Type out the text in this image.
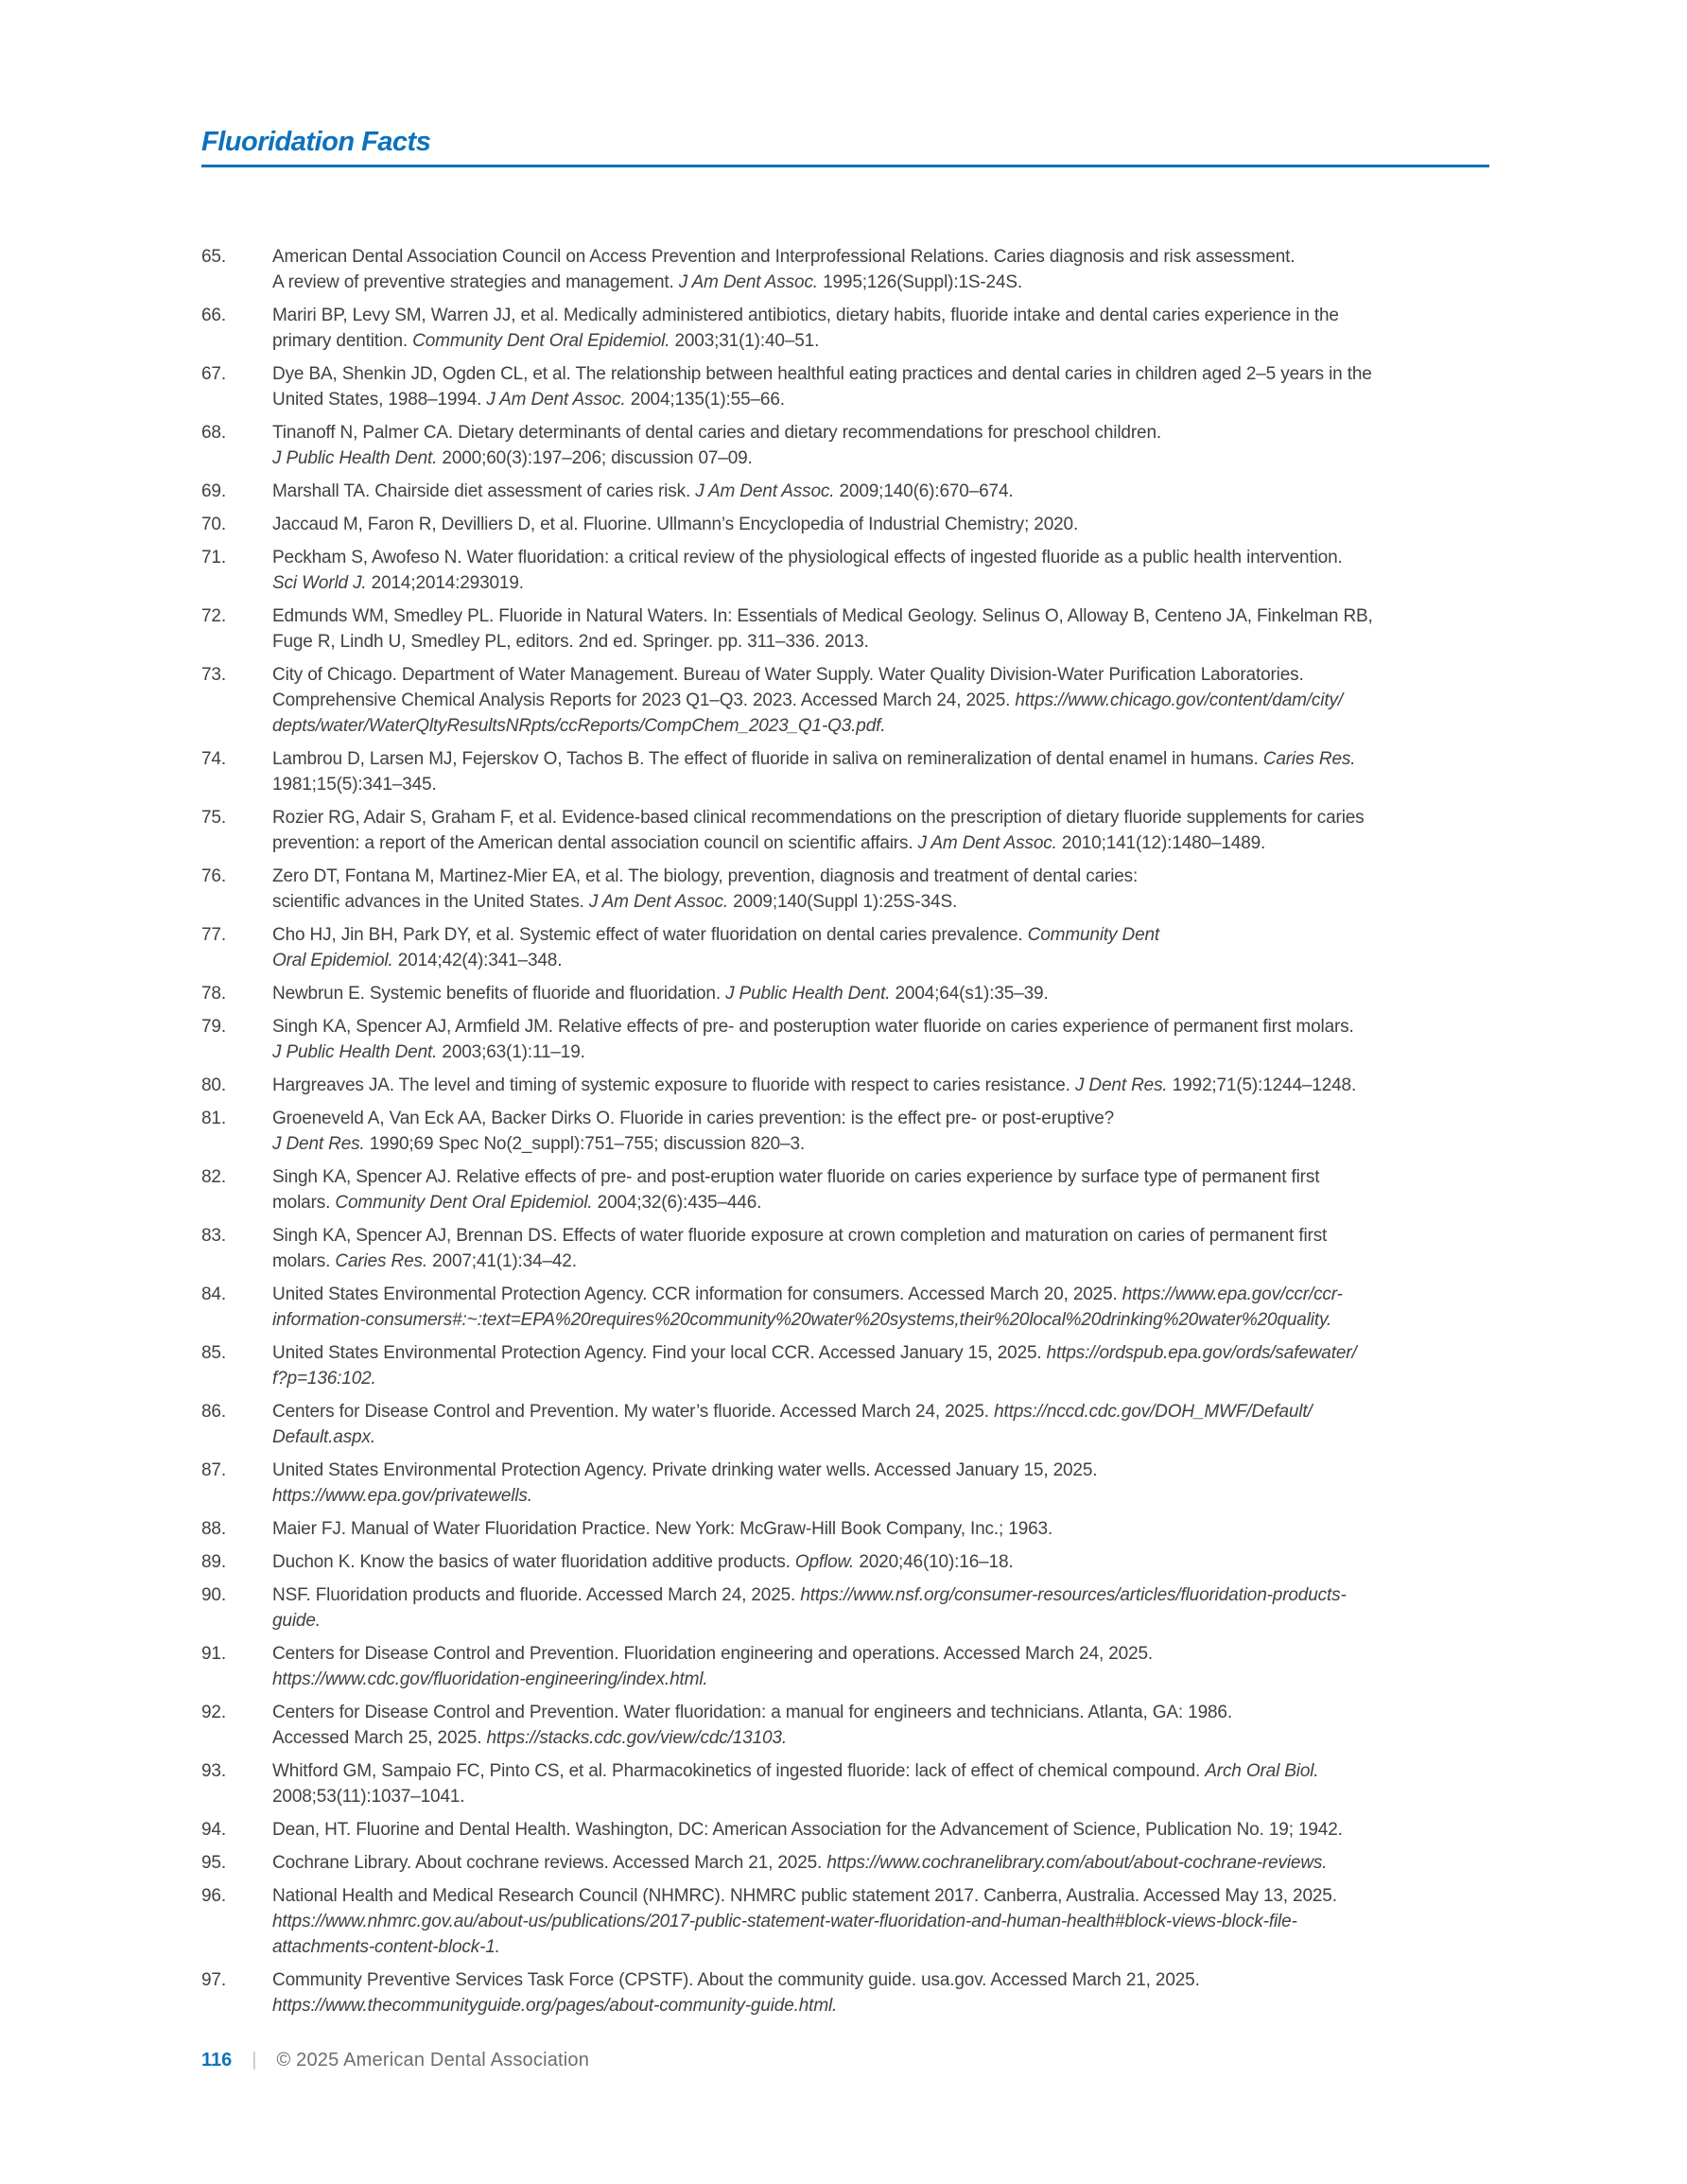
Fluoridation Facts
65.	American Dental Association Council on Access Prevention and Interprofessional Relations. Caries diagnosis and risk assessment.
A review of preventive strategies and management. J Am Dent Assoc. 1995;126(Suppl):1S-24S.
66.	Mariri BP, Levy SM, Warren JJ, et al. Medically administered antibiotics, dietary habits, fluoride intake and dental caries experience in the
primary dentition. Community Dent Oral Epidemiol. 2003;31(1):40–51.
67.	Dye BA, Shenkin JD, Ogden CL, et al. The relationship between healthful eating practices and dental caries in children aged 2–5 years in the
United States, 1988–1994. J Am Dent Assoc. 2004;135(1):55–66.
68.	Tinanoff N, Palmer CA. Dietary determinants of dental caries and dietary recommendations for preschool children.
J Public Health Dent. 2000;60(3):197–206; discussion 07–09.
69.	Marshall TA. Chairside diet assessment of caries risk. J Am Dent Assoc. 2009;140(6):670–674.
70.	Jaccaud M, Faron R, Devilliers D, et al. Fluorine. Ullmann’s Encyclopedia of Industrial Chemistry; 2020.
71.	Peckham S, Awofeso N. Water fluoridation: a critical review of the physiological effects of ingested fluoride as a public health intervention.
Sci World J. 2014;2014:293019.
72.	Edmunds WM, Smedley PL. Fluoride in Natural Waters. In: Essentials of Medical Geology. Selinus O, Alloway B, Centeno JA, Finkelman RB,
Fuge R, Lindh U, Smedley PL, editors. 2nd ed. Springer. pp. 311–336. 2013.
73.	City of Chicago. Department of Water Management. Bureau of Water Supply. Water Quality Division-Water Purification Laboratories.
Comprehensive Chemical Analysis Reports for 2023 Q1–Q3. 2023. Accessed March 24, 2025. https://www.chicago.gov/content/dam/city/
depts/water/WaterQltyResultsNRpts/ccReports/CompChem_2023_Q1-Q3.pdf.
74.	Lambrou D, Larsen MJ, Fejerskov O, Tachos B. The effect of fluoride in saliva on remineralization of dental enamel in humans. Caries Res.
1981;15(5):341–345.
75.	Rozier RG, Adair S, Graham F, et al. Evidence-based clinical recommendations on the prescription of dietary fluoride supplements for caries
prevention: a report of the American dental association council on scientific affairs. J Am Dent Assoc. 2010;141(12):1480–1489.
76.	Zero DT, Fontana M, Martinez-Mier EA, et al. The biology, prevention, diagnosis and treatment of dental caries:
scientific advances in the United States. J Am Dent Assoc. 2009;140(Suppl 1):25S-34S.
77.	Cho HJ, Jin BH, Park DY, et al. Systemic effect of water fluoridation on dental caries prevalence. Community Dent
Oral Epidemiol. 2014;42(4):341–348.
78.	Newbrun E. Systemic benefits of fluoride and fluoridation. J Public Health Dent. 2004;64(s1):35–39.
79.	Singh KA, Spencer AJ, Armfield JM. Relative effects of pre- and posteruption water fluoride on caries experience of permanent first molars.
J Public Health Dent. 2003;63(1):11–19.
80.	Hargreaves JA. The level and timing of systemic exposure to fluoride with respect to caries resistance. J Dent Res. 1992;71(5):1244–1248.
81.	Groeneveld A, Van Eck AA, Backer Dirks O. Fluoride in caries prevention: is the effect pre- or post-eruptive?
J Dent Res. 1990;69 Spec No(2_suppl):751–755; discussion 820–3.
82.	Singh KA, Spencer AJ. Relative effects of pre- and post-eruption water fluoride on caries experience by surface type of permanent first
molars. Community Dent Oral Epidemiol. 2004;32(6):435–446.
83.	Singh KA, Spencer AJ, Brennan DS. Effects of water fluoride exposure at crown completion and maturation on caries of permanent first
molars. Caries Res. 2007;41(1):34–42.
84.	United States Environmental Protection Agency. CCR information for consumers. Accessed March 20, 2025. https://www.epa.gov/ccr/ccr-
information-consumers#:~:text=EPA%20requires%20community%20water%20systems,their%20local%20drinking%20water%20quality.
85.	United States Environmental Protection Agency. Find your local CCR. Accessed January 15, 2025. https://ordspub.epa.gov/ords/safewater/
f?p=136:102.
86.	Centers for Disease Control and Prevention. My water’s fluoride. Accessed March 24, 2025. https://nccd.cdc.gov/DOH_MWF/Default/
Default.aspx.
87.	United States Environmental Protection Agency. Private drinking water wells. Accessed January 15, 2025.
https://www.epa.gov/privatewells.
88.	Maier FJ. Manual of Water Fluoridation Practice. New York: McGraw-Hill Book Company, Inc.; 1963.
89.	Duchon K. Know the basics of water fluoridation additive products. Opflow. 2020;46(10):16–18.
90.	NSF. Fluoridation products and fluoride. Accessed March 24, 2025. https://www.nsf.org/consumer-resources/articles/fluoridation-products-
guide.
91.	Centers for Disease Control and Prevention. Fluoridation engineering and operations. Accessed March 24, 2025.
https://www.cdc.gov/fluoridation-engineering/index.html.
92.	Centers for Disease Control and Prevention. Water fluoridation: a manual for engineers and technicians. Atlanta, GA: 1986.
Accessed March 25, 2025. https://stacks.cdc.gov/view/cdc/13103.
93.	Whitford GM, Sampaio FC, Pinto CS, et al. Pharmacokinetics of ingested fluoride: lack of effect of chemical compound. Arch Oral Biol.
2008;53(11):1037–1041.
94.	Dean, HT. Fluorine and Dental Health. Washington, DC: American Association for the Advancement of Science, Publication No. 19; 1942.
95.	Cochrane Library. About cochrane reviews. Accessed March 21, 2025. https://www.cochranelibrary.com/about/about-cochrane-reviews.
96.	National Health and Medical Research Council (NHMRC). NHMRC public statement 2017. Canberra, Australia. Accessed May 13, 2025.
https://www.nhmrc.gov.au/about-us/publications/2017-public-statement-water-fluoridation-and-human-health#block-views-block-file-
attachments-content-block-1.
97.	Community Preventive Services Task Force (CPSTF). About the community guide. usa.gov. Accessed March 21, 2025.
https://www.thecommunityguide.org/pages/about-community-guide.html.
116 | © 2025 American Dental Association
